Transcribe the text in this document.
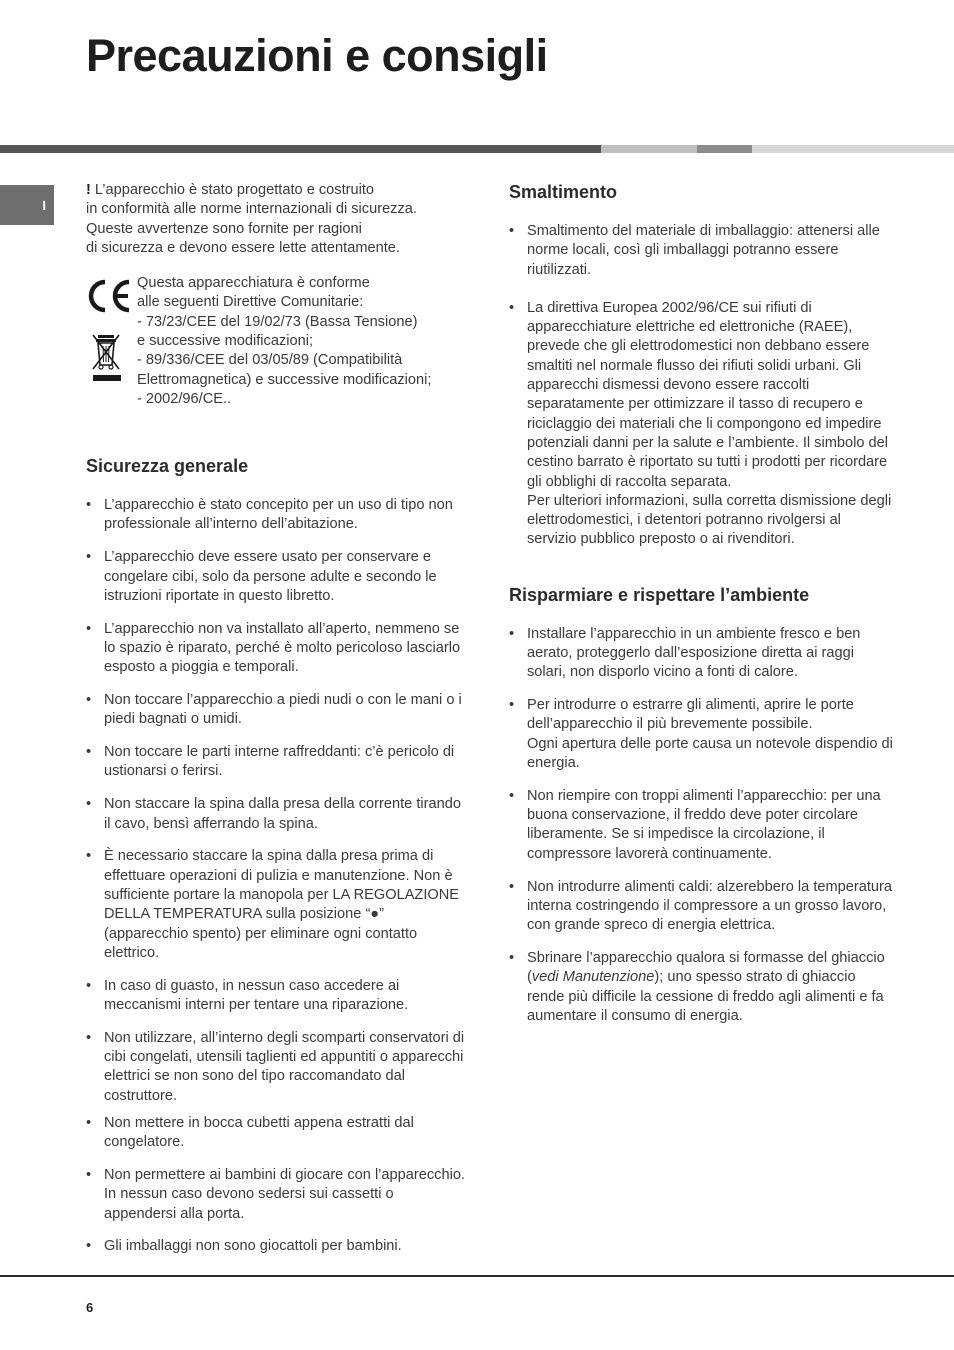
Precauzioni e consigli
I

! L’apparecchio è stato progettato e costruito
in conformità alle norme internazionali di sicurezza.
Queste avvertenze sono fornite per ragioni
di sicurezza e devono essere lette attentamente.

Questa apparecchiatura è conforme
alle seguenti Direttive Comunitarie:
- 73/23/CEE del 19/02/73 (Bassa Tensione)
e successive modificazioni;
- 89/336/CEE del 03/05/89 (Compatibilità
Elettromagnetica) e successive modificazioni;
- 2002/96/CE..
Sicurezza generale
• L’apparecchio è stato concepito per un uso di tipo non professionale all’interno dell’abitazione.
• L’apparecchio deve essere usato per conservare e congelare cibi, solo da persone adulte e secondo le istruzioni riportate in questo libretto.
• L’apparecchio non va installato all’aperto, nemmeno se lo spazio è riparato, perché è molto pericoloso lasciarlo esposto a pioggia e temporali.
• Non toccare l’apparecchio a piedi nudi o con le mani o i piedi bagnati o umidi.
• Non toccare le parti interne raffreddanti: c’è pericolo di ustionarsi o ferirsi.
• Non staccare la spina dalla presa della corrente tirando il cavo, bensì afferrando la spina.
• È necessario staccare la spina dalla presa prima di effettuare operazioni di pulizia e manutenzione. Non è sufficiente portare la manopola per LA REGOLAZIONE DELLA TEMPERATURA sulla posizione “●” (apparecchio spento) per eliminare ogni contatto elettrico.
• In caso di guasto, in nessun caso accedere ai meccanismi interni per tentare una riparazione.
• Non utilizzare, all’interno degli scomparti conservatori di cibi congelati, utensili taglienti ed appuntiti o apparecchi elettrici se non sono del tipo raccomandato dal costruttore.
• Non mettere in bocca cubetti appena estratti dal congelatore.
• Non permettere ai bambini di giocare con l’apparecchio. In nessun caso devono sedersi sui cassetti o appendersi alla porta.
• Gli imballaggi non sono giocattoli per bambini.
Smaltimento
• Smaltimento del materiale di imballaggio: attenersi alle norme locali, così gli imballaggi potranno essere riutilizzati.
• La direttiva Europea 2002/96/CE sui rifiuti di apparecchiature elettriche ed elettroniche (RAEE), prevede che gli elettrodomestici non debbano essere smaltiti nel normale flusso dei rifiuti solidi urbani. Gli apparecchi dismessi devono essere raccolti separatamente per ottimizzare il tasso di recupero e riciclaggio dei materiali che li compongono ed impedire potenziali danni per la salute e l’ambiente. Il simbolo del cestino barrato è riportato su tutti i prodotti per ricordare gli obblighi di raccolta separata.
Per ulteriori informazioni, sulla corretta dismissione degli elettrodomestici, i detentori potranno rivolgersi al servizio pubblico preposto o ai rivenditori.
Risparmiare e rispettare l’ambiente
• Installare l’apparecchio in un ambiente fresco e ben aerato, proteggerlo dall’esposizione diretta ai raggi solari, non disporlo vicino a fonti di calore.
• Per introdurre o estrarre gli alimenti, aprire le porte dell’apparecchio il più brevemente possibile.
Ogni apertura delle porte causa un notevole dispendio di energia.
• Non riempire con troppi alimenti l’apparecchio: per una buona conservazione, il freddo deve poter circolare liberamente. Se si impedisce la circolazione, il compressore lavorerà continuamente.
• Non introdurre alimenti caldi: alzerebbero la temperatura interna costringendo il compressore a un grosso lavoro, con grande spreco di energia elettrica.
• Sbrinare l’apparecchio qualora si formasse del ghiaccio (vedi Manutenzione); uno spesso strato di ghiaccio rende più difficile la cessione di freddo agli alimenti e fa aumentare il consumo di energia.
6
